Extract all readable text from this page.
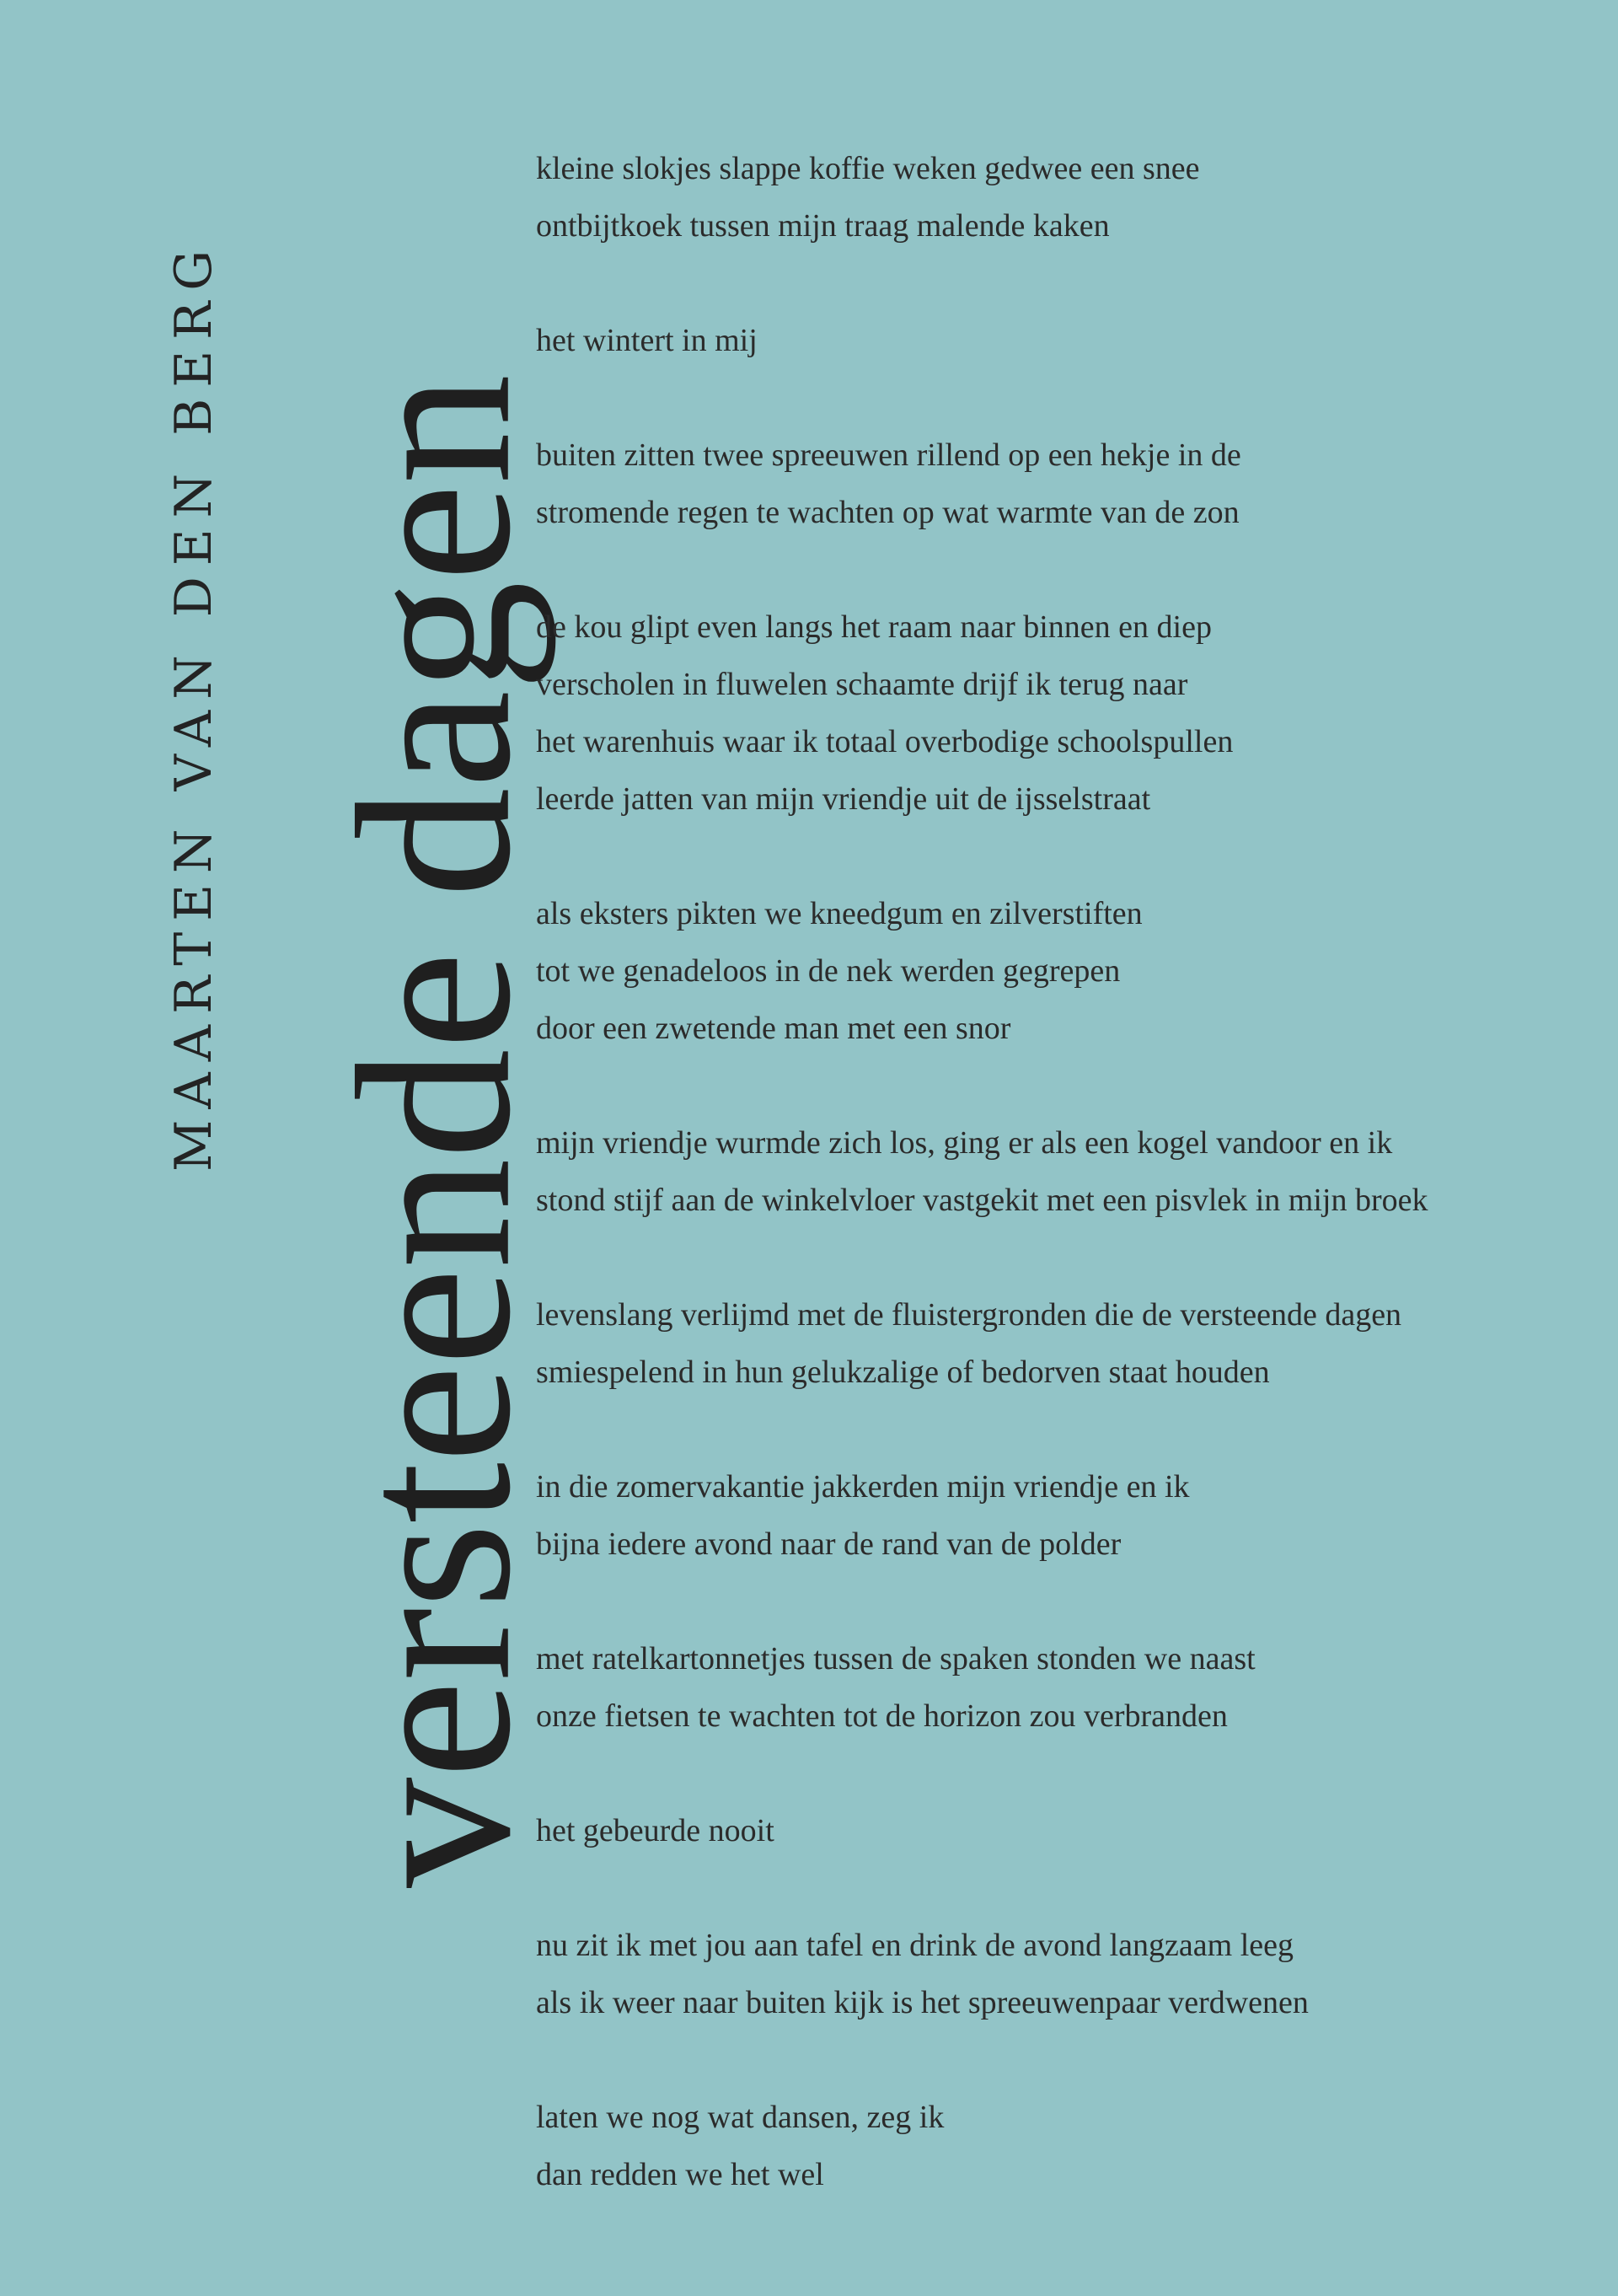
MAARTEN VAN DEN BERG versteende dagen
kleine slokjes slappe koffie weken gedwee een snee
ontbijtkoek tussen mijn traag malende kaken
het wintert in mij
buiten zitten twee spreeuwen rillend op een hekje in de
stromende regen te wachten op wat warmte van de zon
de kou glipt even langs het raam naar binnen en diep
verscholen in fluwelen schaamte drijf ik terug naar
het warenhuis waar ik totaal overbodige schoolspullen
leerde jatten van mijn vriendje uit de ijsselstraat
als eksters pikten we kneedgum en zilverstiften
tot we genadeloos in de nek werden gegrepen
door een zwetende man met een snor
mijn vriendje wurmde zich los, ging er als een kogel vandoor en ik
stond stijf aan de winkelvloer vastgekit met een pisvlek in mijn broek
levenslang verlijmd met de fluistergronden die de versteende dagen
smiespelend in hun gelukzalige of bedorven staat houden
in die zomervakantie jakkerden mijn vriendje en ik
bijna iedere avond naar de rand van de polder
met ratelkartonnetjes tussen de spaken stonden we naast
onze fietsen te wachten tot de horizon zou verbranden
het gebeurde nooit
nu zit ik met jou aan tafel en drink de avond langzaam leeg
als ik weer naar buiten kijk is het spreeuwenpaar verdwenen
laten we nog wat dansen, zeg ik
dan redden we het wel
